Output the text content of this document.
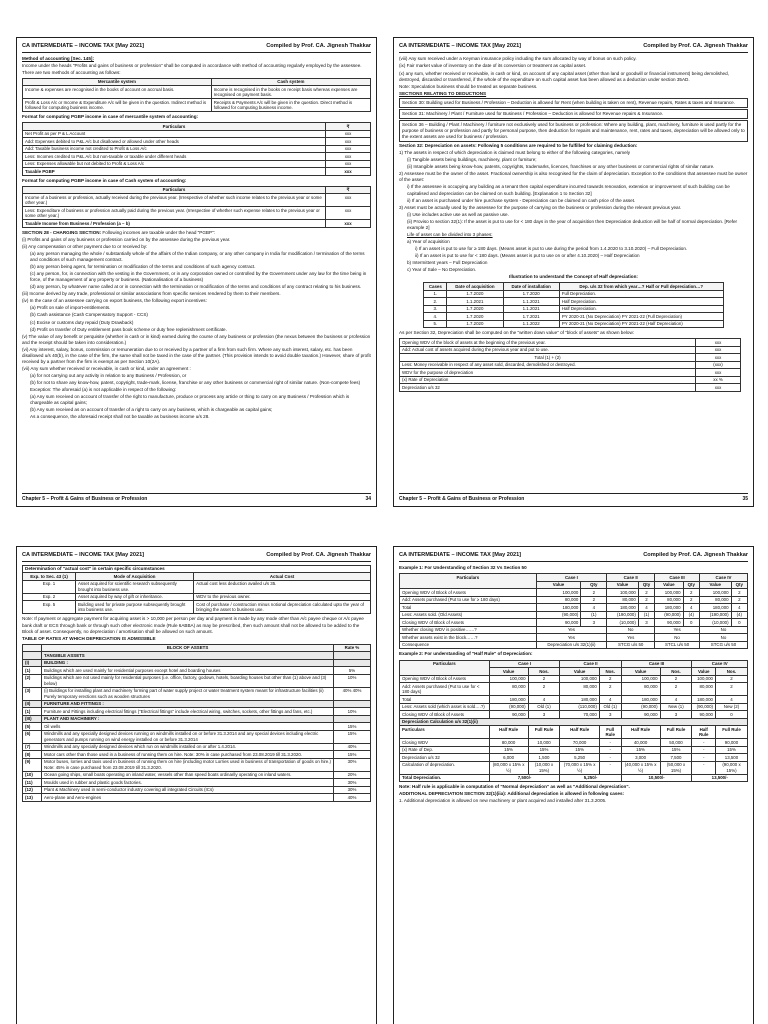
CA INTERMEDIATE – INCOME TAX [May 2021]	Compiled by Prof. CA. Jignesh Thakkar

Method of accounting [Sec. 145]:

Income under the heads "Profits and gains of business or profession" shall be computed in accordance with method of accounting regularly employed by the assessee. There are two methods of accounting as follows:

Mercantile system	Cash system
Income & expenses are recognised in the books of account on accrual basis.	Income is recognised in the books on receipt basis whereas expenses are recognised on payment basis.
Profit & Loss A/c or Income & Expenditure A/c will be given in the question. Indirect method is followed for computing business income.	Receipts & Payments A/c will be given in the question. Direct method is followed for computing business income.

Format for computing PGBP income in case of mercantile system of accounting:

Particulars	₹
Net Profit as per P & L Account	xxx
Add: Expenses debited to P&L A/c but disallowed or allowed under other heads	xxx
Add: Taxable business income not credited to Profit & Loss A/c	xxx
Less: Incomes credited to P&L A/c but non-taxable or taxable under different heads	xxx
Less: Expenses allowable but not debited to Profit & Loss A/c	xxx
Taxable PGBP	xxx

Format for computing PGBP income in case of Cash system of accounting:

Particulars	₹
Income of a business or profession, actually received during the previous year. (Irrespective of whether such income relates to the previous year or some other year.)	xxx
Less: Expenditure of business or profession actually paid during the previous year. (Irrespective of whether such expense relates to the previous year or some other year.)	xxx
Taxable Income from Business / Profession (a – b)	xxx

SECTION 28 - CHARGING SECTION: Following incomes are taxable under the head "PGBP":

(i) Profits and gains of any business or profession carried on by the assessee during the previous year.

(ii) Any compensation or other payment due to or received by:

(a) any person managing the whole / substantially whole of the affairs of the Indian company, or any other company in India for modification / termination of the terms and conditions of such management contract.

(b) any person being agent, for termination or modification of the terms and conditions of such agency contract.

(c) any person, for, in connection with the vesting in the Government, or in any corporation owned or controlled by the Government under any law for the time being in force, of the management of any property or business. (Nationalisation of a business)

(d) any person, by whatever name called at or in connection with the termination or modification of the terms and conditions of any contract relating to his business.

(iii) Income derived by any trade, professional or similar associations from specific services rendered by them to their members.

(iv) In the case of an assessee carrying on export business, the following export incentives:

(a) Profit on sale of import-entitlements.

(b) Cash assistance (Cash Compensatory Support - CCS)

(c) Excise or customs duty repaid (Duty Drawback)

(d) Profit on transfer of Duty entitlement pass book scheme or duty free replenishment certificate.

(v) The value of any benefit or perquisite (whether in cash or in kind) earned during the course of any business or profession (the nexus between the business or profession and the receipt should be taken into consideration.)

(vi) Any interest, salary, bonus, commission or remuneration due to or received by a partner of a firm from such firm. Where any such interest, salary, etc. has been disallowed u/s 40(b), in the case of the firm, the same shall not be taxed in the case of the partner. (This provision intends to avoid double taxation.) However, share of profit received by a partner from the firm is exempt as per Section 10(2A).

(vii) Any sum whether received or receivable, in cash or kind, under an agreement :

(a) for not carrying out any activity in relation to any Business / Profession, or

(b) for not to share any know-how, patent, copyright, trade-mark, license, franchise or any other business or commercial right of similar nature. (Non-compete fees)

Exception: The aforesaid (a) is not applicable in respect of the following:

(a) Any sum received on account of transfer of the right to manufacture, produce or process any article or thing to carry on any Business / Profession which is chargeable as capital gains;

(b) Any sum received as on account of transfer of a right to carry on any business, which is chargeable as capital gains;

As a consequence, the aforesaid receipt shall not be taxable as business income u/s 28.

Chapter 5 – Profit & Gains of Business or Profession	34
CA INTERMEDIATE – INCOME TAX [May 2021]	Compiled by Prof. CA. Jignesh Thakkar

(viii) Any sum received under a Keyman insurance policy including the sum allocated by way of bonus on such policy.

(ix) Fair market value of inventory on the date of its conversion or treatment as capital asset.

(x) any sum, whether received or receivable, in cash or kind, on account of any capital asset (other than land or goodwill or financial instrument) being demolished, destroyed, discarded or transferred, if the whole of the expenditure on such capital asset has been allowed as a deduction under section 35AD.

Note: Speculation business should be treated as separate business.

SECTIONS RELATING TO DEDUCTIONS

Section 30: Building used for Business / Profession – Deduction is allowed for Rent (when building is taken on rent), Revenue repairs, Rates & taxes and Insurance.
Section 31: Machinery / Plant / Furniture used for Business / Profession – Deduction is allowed for Revenue repairs & Insurance.
Section 36 – Building / Plant / Machinery / furniture not exclusively used for business or profession: Where any building, plant, machinery, furniture is used partly for the purpose of business or profession and partly for personal purpose, then deduction for repairs and maintenance, rent, rates and taxes, depreciation will be allowed only to the extent assets are used for business / profession.

Section 32: Depreciation on assets: Following 5 conditions are required to be fulfilled for claiming deduction:

1) The assets in respect of which depreciation is claimed must belong to either of the following categories, namely

(i) Tangible assets being buildings, machinery, plant or furniture;

(ii) Intangible assets being know-how, patents, copyrights, trademarks, licences, franchises or any other business or commercial rights of similar nature.

2) Assessee must be the owner of the asset. Fractional ownership is also recognised for the claim of depreciation. Exception to the conditions that assessee must be owner of the asset:

i) If the assessee is occupying any building as a tenant then capital expenditure incurred towards renovation, extension or improvement of such building can be capitalised and depreciation can be claimed on such building. [Explanation 1 to Section 32]

ii) If an asset is purchased under hire purchase system - Depreciation can be claimed on cash price of the asset.

3) Asset must be actually used by the assessee for the purpose of carrying on the business or profession during the relevant previous year.

(i) Use includes active use as well as passive use.

(ii) Proviso to section 32(1): If the asset is put to use for < 180 days in the year of acquisition then Depreciation deduction will be half of normal depreciation. [Refer example 2]

Life of asset can be divided into 3 phases:

a) Year of acquisition

i) If an asset is put to use for ≥ 180 days. (Means asset is put to use during the period from 1.4.2020 to 3.10.2020) – Full Depreciation.

ii) If an asset is put to use for < 180 days. (Means asset is put to use on or after 4.10.2020) – Half Depreciation

b) Intermittent years – Full Depreciation

c) Year of Sale – No Depreciation.

Illustration to understand the Concept of Half depreciation:

Cases	Date of acquisition	Date of installation	Dep. u/s 32 from which year…? Half or Full depreciation…?
1.	1.7.2020	1.7.2020	Full Depreciation.
2.	1.1.2021	1.1.2021	Half Depreciation.
3.	1.7.2020	1.1.2021	Half Depreciation.
4.	1.7.2020	1.7.2021	PY 2020-21 (No Depreciation) PY 2021-22 (Full Depreciation)
5.	1.7.2020	1.1.2022	PY 2020-21 (No Depreciation) PY 2021-22 (Half Depreciation)

As per Section 32, Depreciation shall be computed on the "written down value" of "block of assets" as shown below:

Opening WDV of the block of assets at the beginning of the previous year.	xxx
Add: Actual cost of assets acquired during the previous year and put to use.	xxx
Total (1) + (2)	xxx
Less: Money receivable in respect of any asset sold, discarded, demolished or destroyed.	(xxx)
WDV for the purpose of depreciation	xxx
(x) Rate of Depreciation	xx %
Depreciation u/s 32	xxx
Chapter 5 – Profit & Gains of Business or Profession	35
CA INTERMEDIATE – INCOME TAX [May 2021]	Compiled by Prof. CA. Jignesh Thakkar

Determination of "actual cost" in certain specific circumstances

Exp. to Sec. 43 (1)	Mode of Acquisition	Actual Cost
Exp. 1	Asset acquired for scientific research subsequently brought into business use.	Actual cost less deduction availed u/s 35.
Exp. 2	Asset acquired by way of gift or inheritance.	WDV to the previous owner.
Exp. 5	Building used for private purpose subsequently brought into business use.	Cost of purchase / construction minus notional depreciation calculated upto the year of bringing the asset to business use.

Note: If payment or aggregate payment for acquiring asset is > 10,000 per person per day and payment is made by any mode other than A/c payee cheque or A/c payee bank draft or ECS through bank or through such other electronic mode (Rule 6ABBA) as may be prescribed, then such amount shall not be allowed to be added to the Block of asset. Consequently, no depreciation / amortisation shall be allowed on such amount.

TABLE OF RATES AT WHICH DEPRECIATION IS ADMISSIBLE

	BLOCK OF ASSETS	Rate %
	TANGIBLE ASSETS	
(I)	BUILDING :	
(1)	Buildings which are used mainly for residential purposes except hotel and boarding houses	5%
(2)	Buildings which are not used mainly for residential purposes (i.e. office, factory, godown, hotels, boarding houses but other than (1) above and (3) below)	10%
(3)	(i) Buildings for installing plant and machinery forming part of water supply project or water treatment system meant for infrastructure facilities (ii) Purely temporary erections such as wooden structures	40% 40%
(II)	FURNITURE AND FITTINGS :	
(1)	Furniture and Fittings including electrical fittings ("Electrical fittings" include electrical wiring, switches, sockets, other fittings and fans, etc.)	10%
(III)	PLANT AND MACHINERY :	
(5)	Oil wells	15%
(6)	Windmills and any specially designed devices running on windmills installed on or before 31.3.2014 and any special devices including electric generators and pumps running on wind energy installed on or before 31.3.2014	15%
(7)	Windmills and any specially designed devices which run on windmills installed on or after 1.4.2014.	40%
(8)	Motor cars other than those used in a business of running them on hire. Note: 30% in case purchased from 23.08.2019 till 31.3.2020.	15%
(9)	Motor buses, lorries and taxis used in business of running them on hire (including motor Lorries used in business of transportation of goods on hire.) Note: 45% in case purchased from 23.08.2019 till 31.3.2020.	30%
(10)	Ocean going ships, small boats operating on inland water, vessels other than speed boats ordinarily operating on inland waters.	20%
(11)	Moulds used in rubber and plastic goods factories.	30%
(12)	Plant & Machinery used in semi-conductor industry covering all integrated Circuits (ICs)	30%
(13)	Aero-plane and Aero-engines	40%
CA INTERMEDIATE – INCOME TAX [May 2021]	Compiled by Prof. CA. Jignesh Thakkar

Example 1: For Understanding of Section 32 Vs Section 50

Particulars	Case I		Case II		Case III		Case IV	
	Value	Qty	Value	Qty	Value	Qty	Value	Qty
Opening WDV of Block of Assets	100,000	2	100,000	2	100,000	2	100,000	2
Add: Assets purchased (Put to use for ≥ 180 days)	80,000	2	80,000	2	80,000	2	80,000	2
Total	180,000	4	180,000	4	180,000	4	180,000	4
Less: Assets sold. (Old Assets)	(90,000)	(1)	(190,000)	(1)	(90,000)	(4)	(190,000)	(4)
Closing WDV of Block of Assets	90,000	3	(10,000)	3	90,000	0	(10,000)	0
Whether closing WDV is positive……?	Yes		No		Yes		No	
Whether assets exist in the block……?	Yes		Yes		No		No	
Consequence	Depreciation u/s 32(1)(ii)		STCG u/s 50		STCL u/s 50		STCG u/s 50	

Example 2: For understanding of "Half Rule" of Depreciation:

Particulars	Case I		Case II		Case III		Case IV	
	Value	Nos.	Value	Nos.	Value	Nos.	Value	Nos.
Opening WDV of Block of Assets	100,000	2	100,000	2	100,000	2	100,000	2
Add: Assets purchased (Put to use for < 180 days)	80,000	2	80,000	2	80,000	2	80,000	2
Total	180,000	4	180,000	4	180,000	4	180,000	4
Less: Assets sold (which asset is sold….?)	(90,000)	Old (1)	(110,000)	Old (1)	(90,000)	New (1)	(90,000)	New (2)
Closing WDV of Block of Assets	90,000	3	70,000	3	90,000	3	90,000	0
Depreciation Calculation u/s 32(1)(ii)								
Particulars	Half Rule	Full Rule	Half Rule	Full Rule	Half Rule	Full Rule	Half Rule	Full Rule
Closing WDV	80,000	10,000	70,000	-	40,000	50,000	-	90,000
(x) Rate of Dep.	15%	15%	15%	-	15%	15%	-	15%
Depreciation u/s 32	6,000	1,500	5,250	-	3,000	7,500	-	13,500
Calculation of depreciation.	(80,000 x 15% x ½)	(10,000 x 15%)	(70,000 x 15% x ½)	-	(40,000 x 15% x ½)	(50,000 x 15%)	-	(90,000 x 15%)
Total Depreciation.	7,500/-		5,250/-		10,500/-		13,500/-	

Note: Half rule is applicable in computation of "Normal depreciation" as well as "Additional depreciation".

ADDITIONAL DEPRECIATION SECTION 32(1)(iia): Additional depreciation is allowed in following cases:

1. Additional depreciation is allowed on new machinery or plant acquired and installed after 31.3.2005.
